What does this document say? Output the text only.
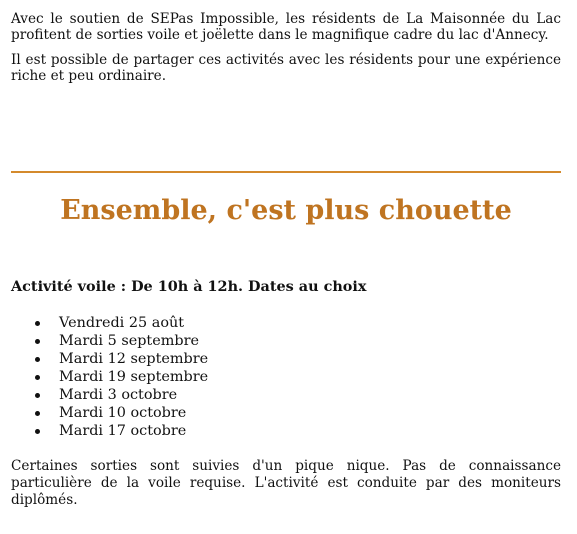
Avec le soutien de SEPas Impossible, les résidents de La Maisonnée du Lac profitent de sorties voile et joëlette dans le magnifique cadre du lac d'Annecy.

Il est possible de partager ces activités avec les résidents pour une expérience riche et peu ordinaire.

Ensemble, c'est plus chouette

Activité voile : De 10h à 12h. Dates au choix

Vendredi 25 août
Mardi 5 septembre
Mardi 12 septembre
Mardi 19 septembre
Mardi 3 octobre
Mardi 10 octobre
Mardi 17 octobre

Certaines sorties sont suivies d'un pique nique. Pas de connaissance particulière de la voile requise. L'activité est conduite par des moniteurs diplômés.
